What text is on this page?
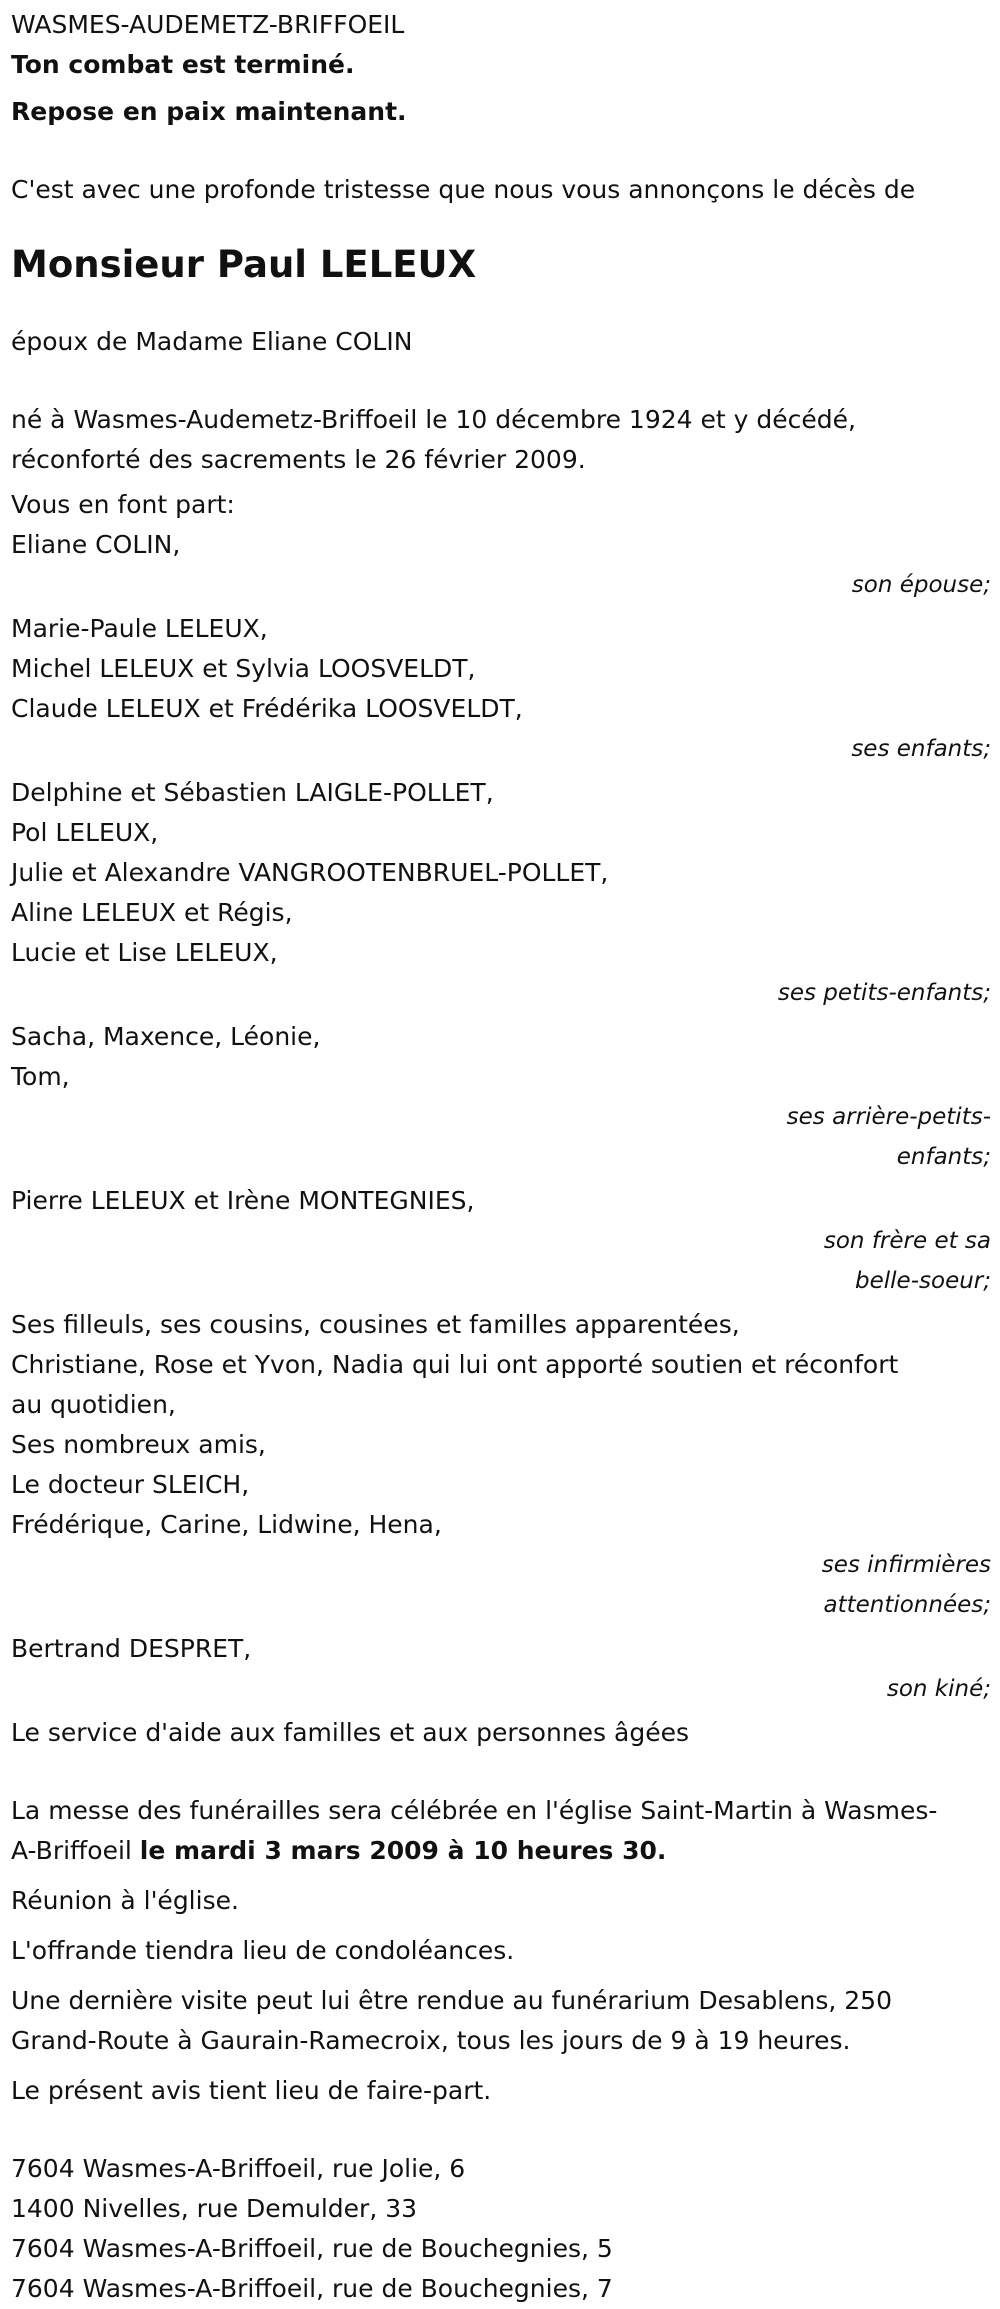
WASMES-AUDEMETZ-BRIFFOEIL

Ton combat est terminé.

Repose en paix maintenant.

C'est avec une profonde tristesse que nous vous annonçons le décès de

Monsieur Paul LELEUX

époux de Madame Eliane COLIN

né à Wasmes-Audemetz-Briffoeil le 10 décembre 1924 et y décédé,

réconforté des sacrements le 26 février 2009.

Vous en font part:

Eliane COLIN,

son épouse;

Marie-Paule LELEUX,

Michel LELEUX et Sylvia LOOSVELDT,

Claude LELEUX et Frédérika LOOSVELDT,

ses enfants;

Delphine et Sébastien LAIGLE-POLLET,

Pol LELEUX,

Julie et Alexandre VANGROOTENBRUEL-POLLET,

Aline LELEUX et Régis,

Lucie et Lise LELEUX,

ses petits-enfants;

Sacha, Maxence, Léonie,

Tom,

ses arrière-petits-

enfants;

Pierre LELEUX et Irène MONTEGNIES,

son frère et sa

belle-soeur;

Ses filleuls, ses cousins, cousines et familles apparentées,

Christiane, Rose et Yvon, Nadia qui lui ont apporté soutien et réconfort

au quotidien,

Ses nombreux amis,

Le docteur SLEICH,

Frédérique, Carine, Lidwine, Hena,

ses infirmières

attentionnées;

Bertrand DESPRET,

son kiné;

Le service d'aide aux familles et aux personnes âgées

La messe des funérailles sera célébrée en l'église Saint-Martin à Wasmes-

A-Briffoeil le mardi 3 mars 2009 à 10 heures 30.

Réunion à l'église.

L'offrande tiendra lieu de condoléances.

Une dernière visite peut lui être rendue au funérarium Desablens, 250

Grand-Route à Gaurain-Ramecroix, tous les jours de 9 à 19 heures.

Le présent avis tient lieu de faire-part.

7604 Wasmes-A-Briffoeil, rue Jolie, 6

1400 Nivelles, rue Demulder, 33

7604 Wasmes-A-Briffoeil, rue de Bouchegnies, 5

7604 Wasmes-A-Briffoeil, rue de Bouchegnies, 7
